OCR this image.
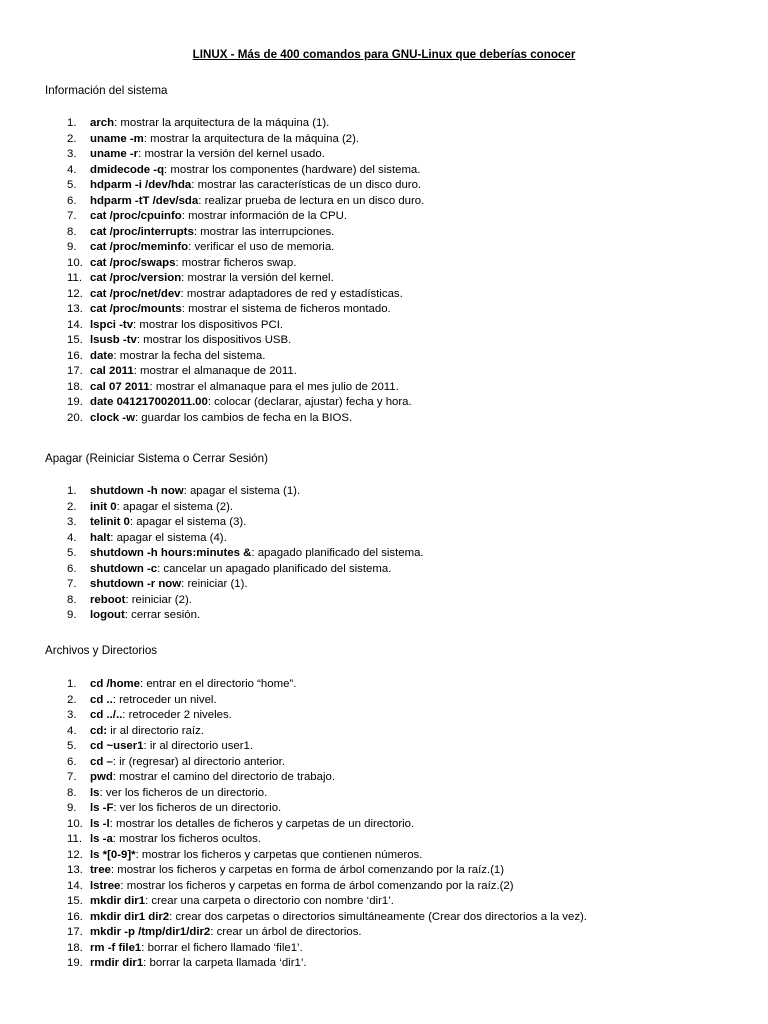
LINUX - Más de 400 comandos para GNU-Linux que deberías conocer
Información del sistema
1. arch: mostrar la arquitectura de la máquina (1).
2. uname -m: mostrar la arquitectura de la máquina (2).
3. uname -r: mostrar la versión del kernel usado.
4. dmidecode -q: mostrar los componentes (hardware) del sistema.
5. hdparm -i /dev/hda: mostrar las características de un disco duro.
6. hdparm -tT /dev/sda: realizar prueba de lectura en un disco duro.
7. cat /proc/cpuinfo: mostrar información de la CPU.
8. cat /proc/interrupts: mostrar las interrupciones.
9. cat /proc/meminfo: verificar el uso de memoria.
10. cat /proc/swaps: mostrar ficheros swap.
11. cat /proc/version: mostrar la versión del kernel.
12. cat /proc/net/dev: mostrar adaptadores de red y estadísticas.
13. cat /proc/mounts: mostrar el sistema de ficheros montado.
14. lspci -tv: mostrar los dispositivos PCI.
15. lsusb -tv: mostrar los dispositivos USB.
16. date: mostrar la fecha del sistema.
17. cal 2011: mostrar el almanaque de 2011.
18. cal 07 2011: mostrar el almanaque para el mes julio de 2011.
19. date 041217002011.00: colocar (declarar, ajustar) fecha y hora.
20. clock -w: guardar los cambios de fecha en la BIOS.
Apagar (Reiniciar Sistema o Cerrar Sesión)
1. shutdown -h now: apagar el sistema (1).
2. init 0: apagar el sistema (2).
3. telinit 0: apagar el sistema (3).
4. halt: apagar el sistema (4).
5. shutdown -h hours:minutes &: apagado planificado del sistema.
6. shutdown -c: cancelar un apagado planificado del sistema.
7. shutdown -r now: reiniciar (1).
8. reboot: reiniciar (2).
9. logout: cerrar sesión.
Archivos y Directorios
1. cd /home: entrar en el directorio “home”.
2. cd ..: retroceder un nivel.
3. cd ../..: retroceder 2 niveles.
4. cd: ir al directorio raíz.
5. cd ~user1: ir al directorio user1.
6. cd –: ir (regresar) al directorio anterior.
7. pwd: mostrar el camino del directorio de trabajo.
8. ls: ver los ficheros de un directorio.
9. ls -F: ver los ficheros de un directorio.
10. ls -l: mostrar los detalles de ficheros y carpetas de un directorio.
11. ls -a: mostrar los ficheros ocultos.
12. ls *[0-9]*: mostrar los ficheros y carpetas que contienen números.
13. tree: mostrar los ficheros y carpetas en forma de árbol comenzando por la raíz.(1)
14. lstree: mostrar los ficheros y carpetas en forma de árbol comenzando por la raíz.(2)
15. mkdir dir1: crear una carpeta o directorio con nombre ‘dir1’.
16. mkdir dir1 dir2: crear dos carpetas o directorios simultáneamente (Crear dos directorios a la vez).
17. mkdir -p /tmp/dir1/dir2: crear un árbol de directorios.
18. rm -f file1: borrar el fichero llamado ‘file1’.
19. rmdir dir1: borrar la carpeta llamada ‘dir1’.
